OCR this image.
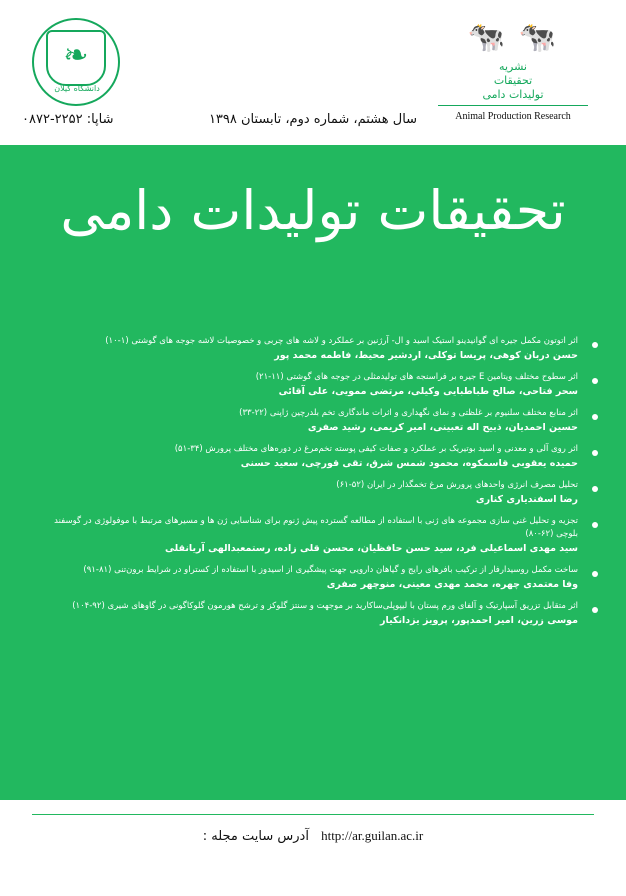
❧
دانشگاه گیلان
🐄 🐄
نشریه
تحقیقات
تولیدات دامی
Animal Production Research
سال هشتم، شماره دوم، تابستان ۱۳۹۸
شاپا: ۲۲۵۲-۰۸۷۲
تحقیقات تولیدات دامی
اثر اتوتون مکمل جیره ای گوانیدینو استیک اسید و ال- آرژنین بر عملکرد و لاشه های چربی و خصوصیات لاشه جوجه های گوشتی (۱-۱۰)
حسن دربان کوهی، پریسا توکلی، اردشیر محیط، فاطمه محمد پور
اثر سطوح مختلف ویتامین E جیره بر فراسنجه های تولیدمثلی در جوجه های گوشتی (۱۱-۲۱)
سحر فتاحی، صالح طباطبایی وکیلی، مرتضی ممویی، علی آقائی
اثر منابع مختلف سلنیوم بر غلظتی و نمای نگهداری و اثرات ماندگاری تخم بلدرچین ژاپنی (۲۲-۳۳)
حسین احمدیان، ذبیح اله تعبینی، امیر کریمی، رشید صفری
اثر روی آلی و معدنی و اسید بوتیریک بر عملکرد و صفات کیفی پوسته تخم‌مرغ در دوره‌های مختلف پرورش (۳۴-۵۱)
حمیده یعقوبی قاسمکوه، محمود شمس شرق، تقی قورچی، سعید حسنی
تحلیل مصرف انرژی واحدهای پرورش مرغ تخمگذار در ایران (۵۲-۶۱)
رضا اسفندیاری کناری
تجزیه و تحلیل غنی سازی مجموعه های ژنی با استفاده از مطالعه گسترده پیش ژنوم برای شناسایی ژن ها و مسیرهای مرتبط با موفولوژی در گوسفند بلوچی (۶۲-۸۰)
سید مهدی اسماعیلی فرد، سید حسن حافظیان، محسن قلی زاده، رستمعبدالهی آریانقلی
ساخت مکمل روسیدارفار از ترکیب بافرهای رایج و گیاهان دارویی جهت پیشگیری از اسیدوز با استفاده از کستراو در شرایط برون‌تنی (۸۱-۹۱)
وفا معتمدی چهره، محمد مهدی معینی، منوچهر صفری
اثر متقابل تزریق آسپارتیک و آلفای ورم پستان با لیپوپلی‌ساکارید بر موجهت و سنتز گلوکز و ترشح هورمون گلوکاگونی در گاوهای شیری (۹۲-۱۰۴)
موسی زرین، امیر احمدپور، پرویز یزدانکیار
http://ar.guilan.ac.ir آدرس سایت مجله :
